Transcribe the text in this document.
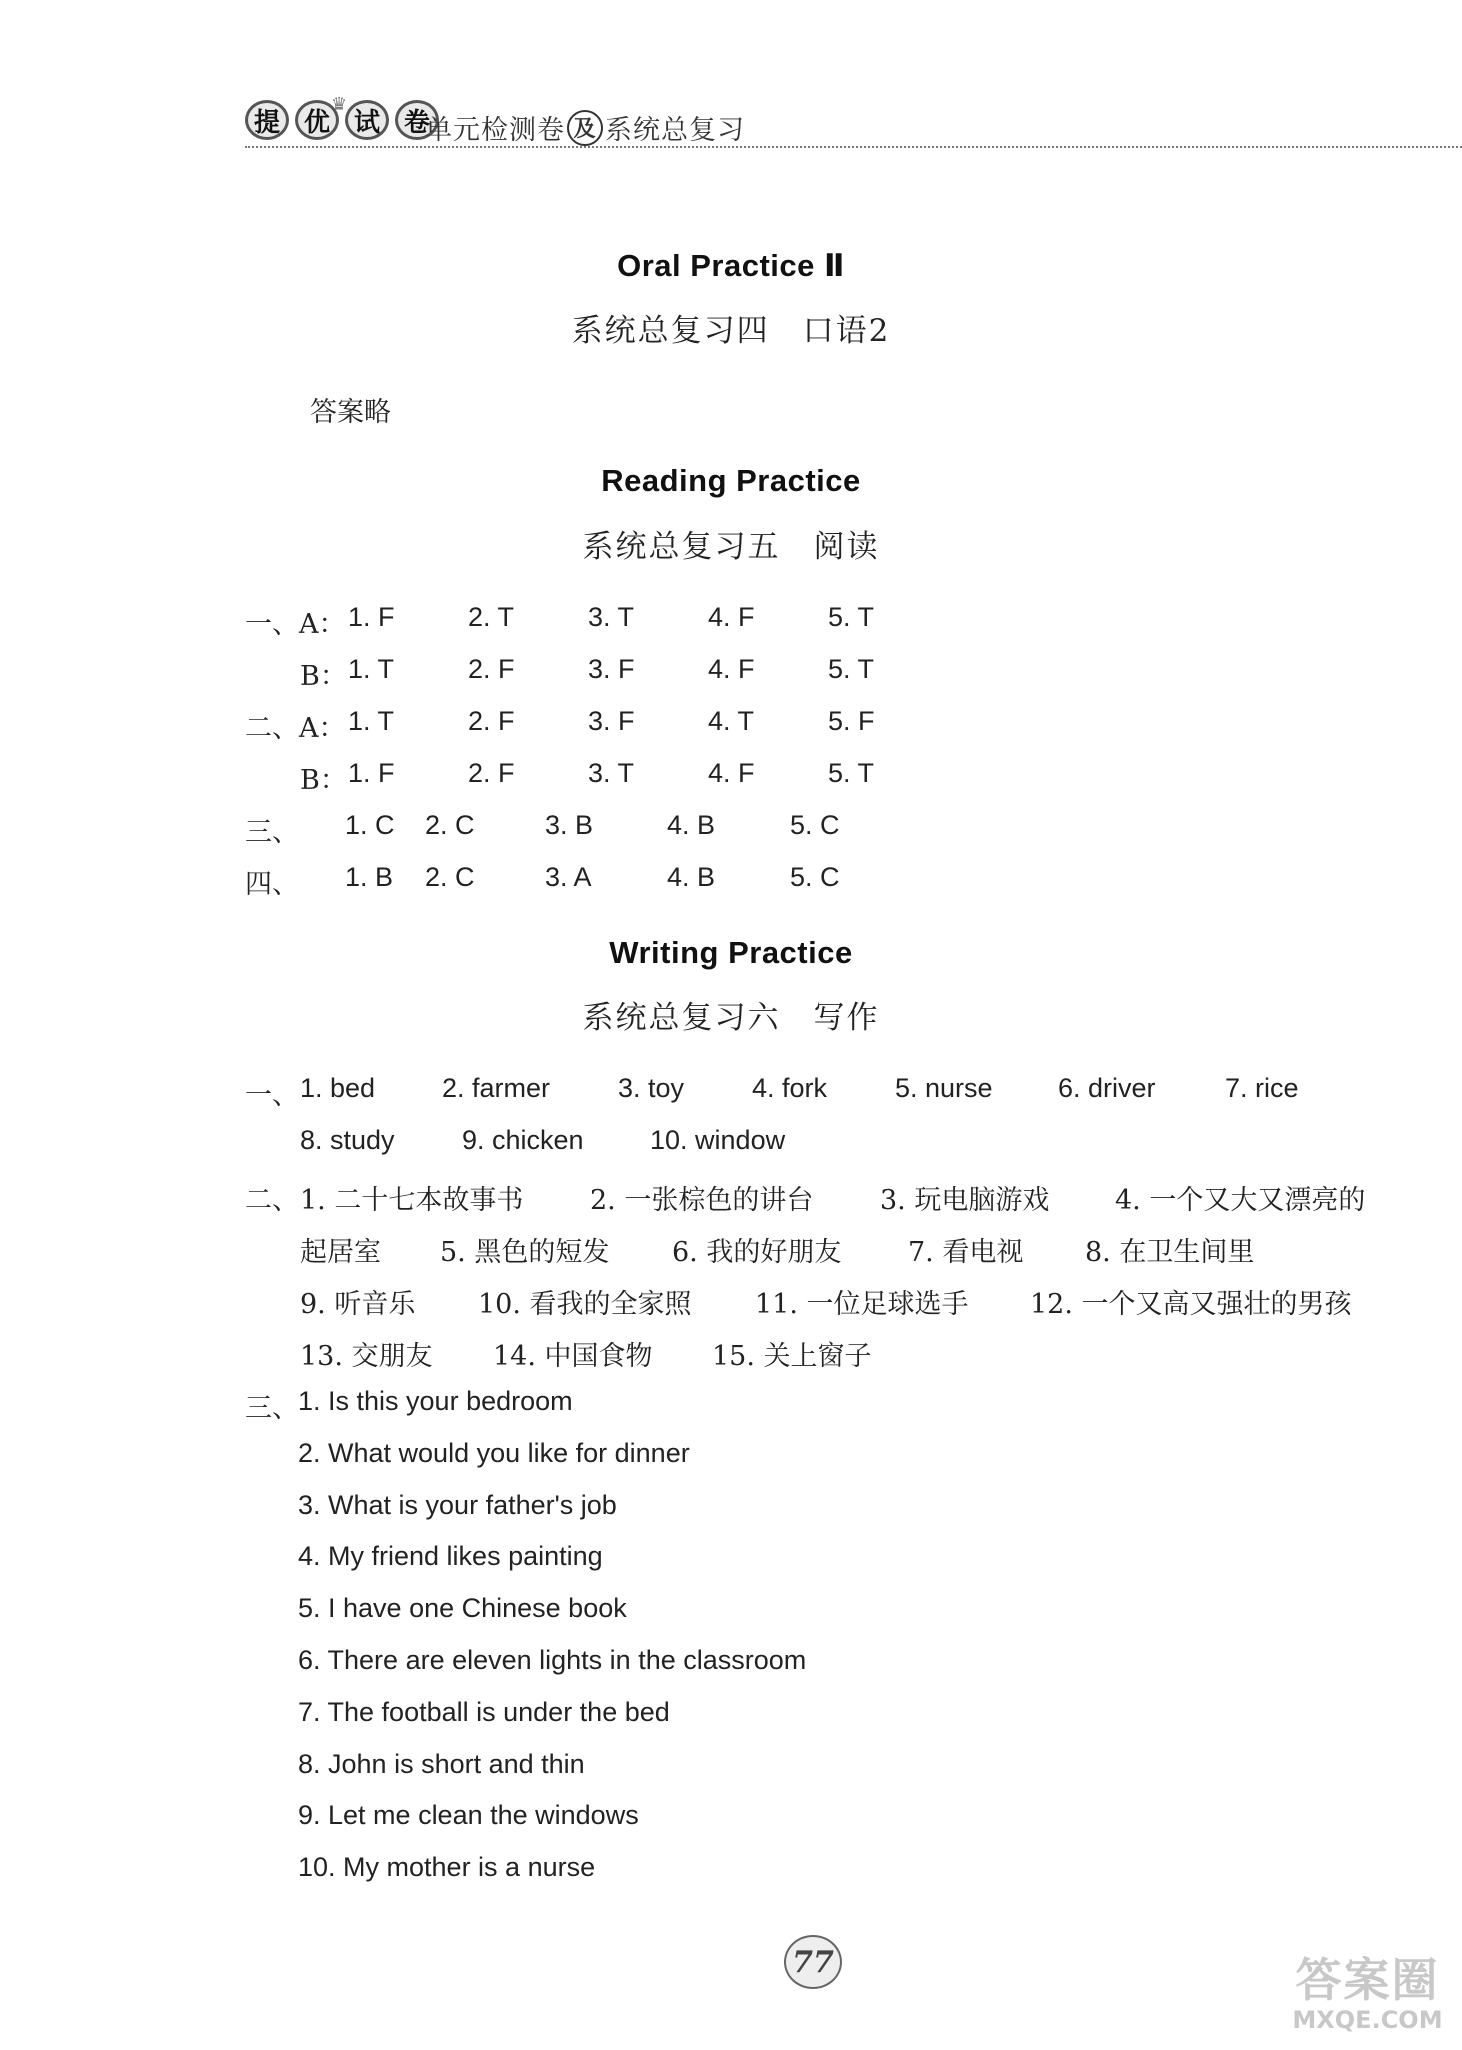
♛
提 优 试 卷
单元检测卷 及 系统总复习
Oral Practice Ⅱ
系统总复习四　口语2
答案略
Reading Practice
系统总复习五　阅读
一、A： 1. F	2. T	3. T	4. F	5. T
B： 1. T	2. F	3. F	4. F	5. T
二、A： 1. T	2. F	3. F	4. T	5. F
B： 1. F	2. F	3. T	4. F	5. T
三、 1. C 2. C	3. B	4. B	5. C
四、 1. B 2. C	3. A	4. B	5. C
Writing Practice
系统总复习六　写作
一、 1. bed 2. farmer	3. toy	4. fork	5. nurse 6. driver	7. rice
8. study 9. chicken 10. window
二、 1. 二十七本故事书 2. 一张棕色的讲台 3. 玩电脑游戏 4. 一个又大又漂亮的
起居室 5. 黑色的短发 6. 我的好朋友 7. 看电视 8. 在卫生间里
9. 听音乐 10. 看我的全家照 11. 一位足球选手 12. 一个又高又强壮的男孩
13. 交朋友 14. 中国食物 15. 关上窗子
三、 1. Is this your bedroom
2. What would you like for dinner
3. What is your father's job
4. My friend likes painting
5. I have one Chinese book
6. There are eleven lights in the classroom
7. The football is under the bed
8. John is short and thin
9. Let me clean the windows
10. My mother is a nurse
77	答案圈
MXQE.COM
